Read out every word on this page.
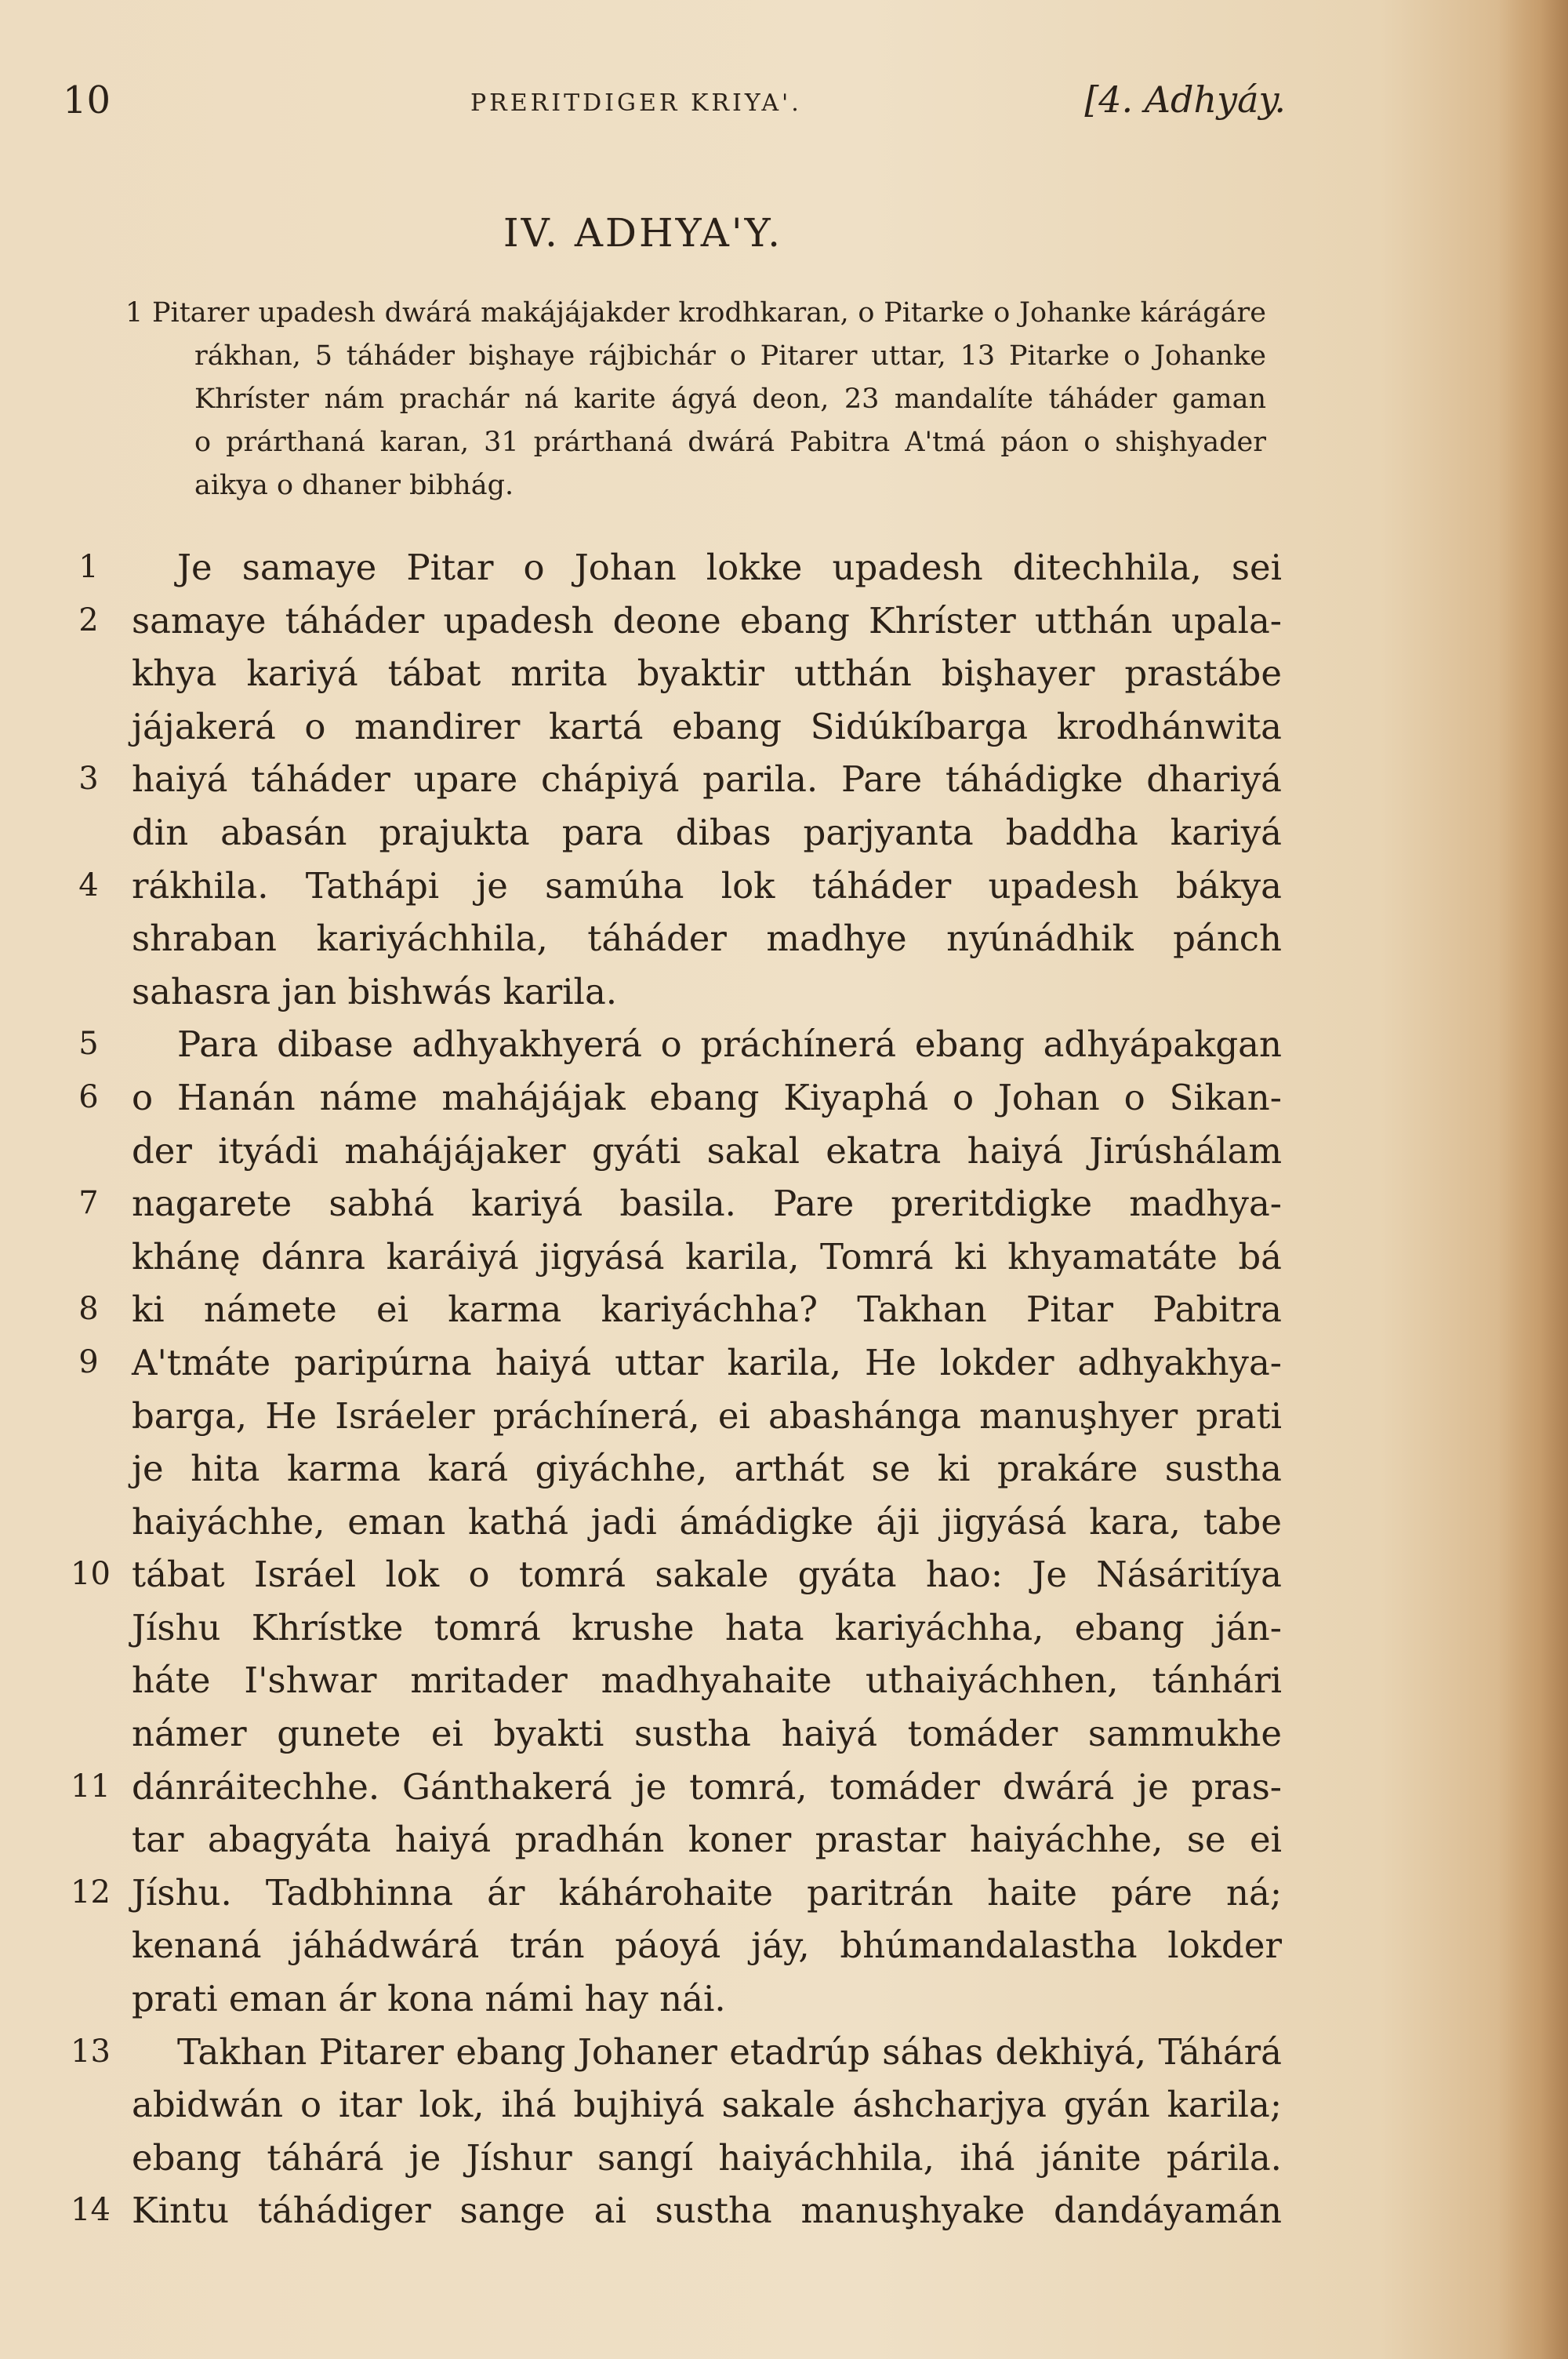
10	PRERITDIGER KRIYA'.	[4. Adhyáy.
IV. ADHYA'Y.
1 Pitarer upadesh dwárá makájájakder krodhkaran, o Pitarke o Johanke kárágáre
rákhan, 5 táháder bişhaye rájbichár o Pitarer uttar, 13 Pitarke o Johanke
Khríster nám prachár ná karite ágyá deon, 23 mandalíte táháder gaman
o prárthaná karan, 31 prárthaná dwárá Pabitra A'tmá páon o shişhyader
aikya o dhaner bibhág.
1	Je samaye Pitar o Johan lokke upadesh ditechhila, sei
2 samaye táháder upadesh deone ebang Khríster utthán upala-
khya kariyá tábat mrita byaktir utthán bişhayer prastábe
jájakerá o mandirer kartá ebang Sidúkíbarga krodhánwita
3 haiyá táháder upare chápiyá parila. Pare táhádigke dhariyá
din abasán prajukta para dibas parjyanta baddha kariyá
4 rákhila. Tathápi je samúha lok táháder upadesh bákya
shraban kariyáchhila, táháder madhye nyúnádhik pánch
sahasra jan bishwás karila.
5	Para dibase adhyakhyerá o práchínerá ebang adhyápakgan
6 o Hanán náme mahájájak ebang Kiyaphá o Johan o Sikan-
der ityádi mahájájaker gyáti sakal ekatra haiyá Jirúshálam
7 nagarete sabhá kariyá basila. Pare preritdigke madhya-
khánę dánra karáiyá jigyásá karila, Tomrá ki khyamatáte bá
8 ki námete ei karma kariyáchha? Takhan Pitar Pabitra
9 A'tmáte paripúrna haiyá uttar karila, He lokder adhyakhya-
barga, He Isráeler práchínerá, ei abashánga manuşhyer prati
je hita karma kará giyáchhe, arthát se ki prakáre sustha
haiyáchhe, eman kathá jadi ámádigke áji jigyásá kara, tabe
10 tábat Isráel lok o tomrá sakale gyáta hao: Je Násáritíya
Jíshu Khrístke tomrá krushe hata kariyáchha, ebang ján-
háte I'shwar mritader madhyahaite uthaiyáchhen, tánhári
námer gunete ei byakti sustha haiyá tomáder sammukhe
11 dánráitechhe. Gánthakerá je tomrá, tomáder dwárá je pras-
tar abagyáta haiyá pradhán koner prastar haiyáchhe, se ei
12 Jíshu. Tadbhinna ár káhárohaite paritrán haite páre ná;
kenaná jáhádwárá trán páoyá jáy, bhúmandalastha lokder
prati eman ár kona námi hay nái.
13	Takhan Pitarer ebang Johaner etadrúp sáhas dekhiyá, Táhárá
abidwán o itar lok, ihá bujhiyá sakale áshcharjya gyán karila;
ebang táhárá je Jíshur sangí haiyáchhila, ihá jánite párila.
14 Kintu táhádiger sange ai sustha manuşhyake dandáyamán
